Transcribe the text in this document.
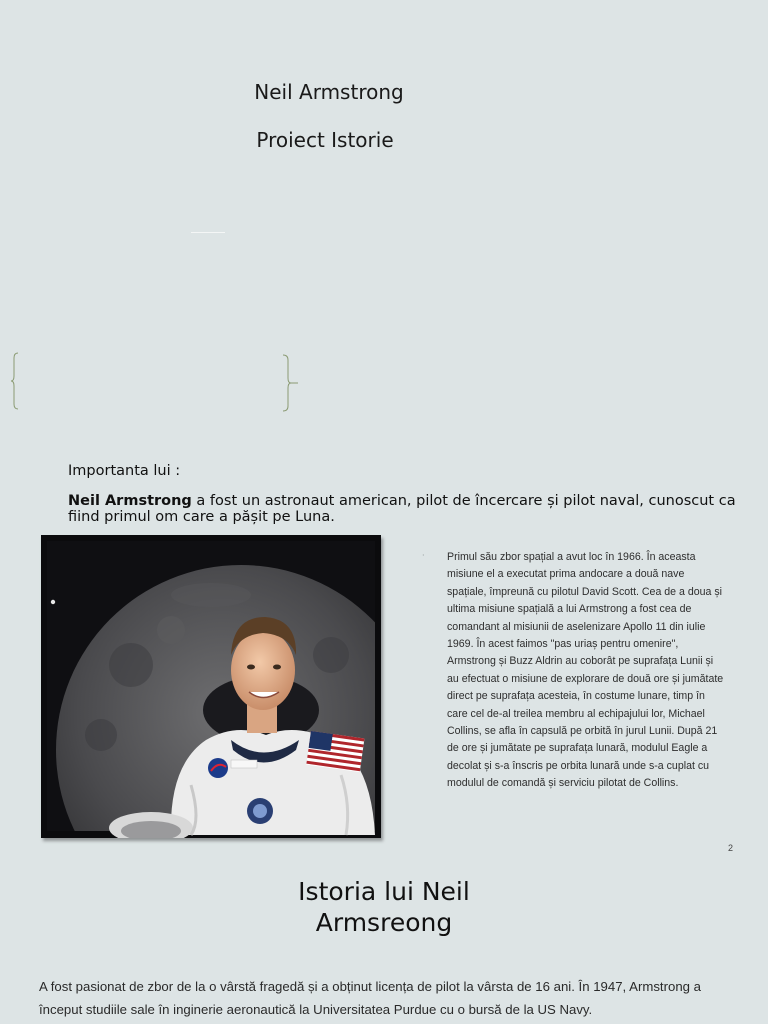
Neil Armstrong
Proiect Istorie
Importanta lui :
Neil Armstrong a fost un astronaut american, pilot de încercare și pilot naval, cunoscut ca fiind primul om care a pășit pe Luna.
· Primul său zbor spațial a avut loc în 1966. În aceasta misiune el a executat prima andocare a două nave spațiale, împreună cu pilotul David Scott. Cea de a doua și ultima misiune spațială a lui Armstrong a fost cea de comandant al misiunii de aselenizare Apollo 11 din iulie 1969. În acest faimos "pas uriaș pentru omenire", Armstrong și Buzz Aldrin au coborât pe suprafața Lunii și au efectuat o misiune de explorare de două ore și jumătate direct pe suprafața acesteia, în costume lunare, timp în care cel de-al treilea membru al echipajului lor, Michael Collins, se afla în capsulă pe orbită în jurul Lunii. După 21 de ore și jumătate pe suprafața lunară, modulul Eagle a decolat și s-a înscris pe orbita lunară unde s-a cuplat cu modulul de comandă și serviciu pilotat de Collins.
2
Istoria lui Neil Armsreong
A fost pasionat de zbor de la o vârstă fragedă și a obținut licența de pilot la vârsta de 16 ani. În 1947, Armstrong a început studiile sale în inginerie aeronautică la Universitatea Purdue cu o bursă de la US Navy.
